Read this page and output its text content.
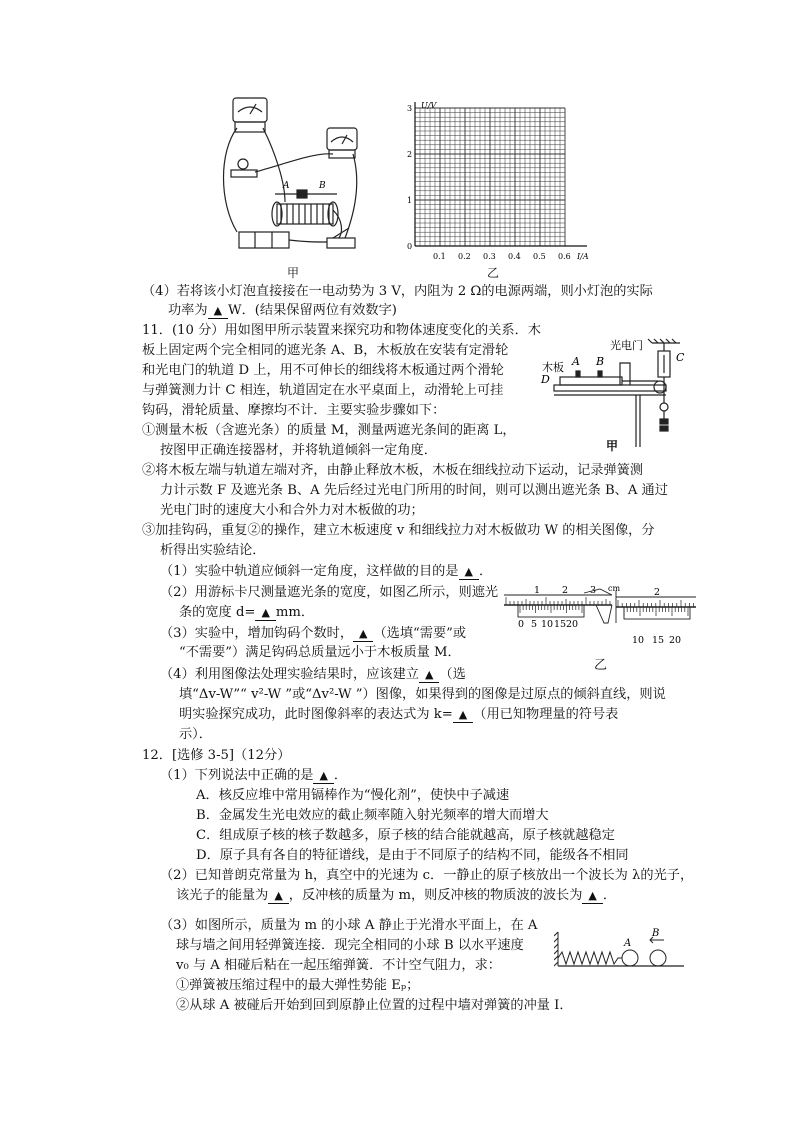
A	B
甲
U/V
I/A
0
1
2
3
0.1 0.2 0.3 0.4 0.5 0.6
乙
（4）若将该小灯泡直接接在一电动势为 3 V，内阻为 2 Ω的电源两端，则小灯泡的实际
功率为 ▲ W．(结果保留两位有效数字)
11．(10 分）用如图甲所示装置来探究功和物体速度变化的关系．木
板上固定两个完全相同的遮光条 A、B，木板放在安装有定滑轮
和光电门的轨道 D 上，用不可伸长的细线将木板通过两个滑轮
与弹簧测力计 C 相连，轨道固定在水平桌面上，动滑轮上可挂
钩码，滑轮质量、摩擦均不计．主要实验步骤如下：
①测量木板（含遮光条）的质量 M，测量两遮光条间的距离 L，
按图甲正确连接器材，并将轨道倾斜一定角度．
②将木板左端与轨道左端对齐，由静止释放木板，木板在细线拉动下运动，记录弹簧测
力计示数 F 及遮光条 B、A 先后经过光电门所用的时间，则可以测出遮光条 B、A 通过
光电门时的速度大小和合外力对木板做的功；
③加挂钩码，重复②的操作，建立木板速度 v 和细线拉力对木板做功 W 的相关图像，分
析得出实验结论．
木板 A B
光电门
C
D
甲
（1）实验中轨道应倾斜一定角度，这样做的目的是 ▲ ．
（2）用游标卡尺测量遮光条的宽度，如图乙所示，则遮光
条的宽度 d= ▲ mm．
（3）实验中，增加钩码个数时， ▲ （选填“需要”或
“不需要”）满足钩码总质量远小于木板质量 M．
cm
1 2 3
0 5 10 15 20
2
10 15 20
乙
（4）利用图像法处理实验结果时，应该建立 ▲ （选
填“Δv-W”“ v²-W ”或“Δv²-W ”）图像，如果得到的图像是过原点的倾斜直线，则说
明实验探究成功，此时图像斜率的表达式为 k= ▲ （用已知物理量的符号表
示）．
12．[选修 3-5]（12分）
（1）下列说法中正确的是 ▲ ．
A．核反应堆中常用镉棒作为“慢化剂”，使快中子减速
B．金属发生光电效应的截止频率随入射光频率的增大而增大
C．组成原子核的核子数越多，原子核的结合能就越高，原子核就越稳定
D．原子具有各自的特征谱线，是由于不同原子的结构不同，能级各不相同
（2）已知普朗克常量为 h，真空中的光速为 c．一静止的原子核放出一个波长为 λ的光子，
该光子的能量为 ▲ ，反冲核的质量为 m，则反冲核的物质波的波长为 ▲ ．
（3）如图所示，质量为 m 的小球 A 静止于光滑水平面上，在 A
球与墙之间用轻弹簧连接．现完全相同的小球 B 以水平速度
v₀ 与 A 相碰后粘在一起压缩弹簧．不计空气阻力，求：
①弹簧被压缩过程中的最大弹性势能 Eₚ；
②从球 A 被碰后开始到回到原静止位置的过程中墙对弹簧的冲量 I．
A
B
